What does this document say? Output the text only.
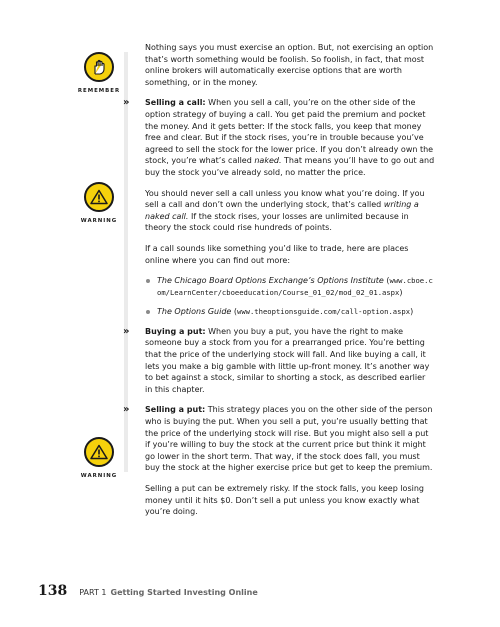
REMEMBER
WARNING
WARNING

Nothing says you must exercise an option. But, not exercising an option that’s worth something would be foolish. So foolish, in fact, that most online brokers will automatically exercise options that are worth something, or in the money.

» Selling a call: When you sell a call, you’re on the other side of the option strategy of buying a call. You get paid the premium and pocket the money. And it gets better: If the stock falls, you keep that money free and clear. But if the stock rises, you’re in trouble because you’ve agreed to sell the stock for the lower price. If you don’t already own the stock, you’re what’s called naked. That means you’ll have to go out and buy the stock you’ve already sold, no matter the price.

You should never sell a call unless you know what you’re doing. If you sell a call and don’t own the underlying stock, that’s called writing a naked call. If the stock rises, your losses are unlimited because in theory the stock could rise hundreds of points.

If a call sounds like something you’d like to trade, here are places online where you can find out more:

The Chicago Board Options Exchange’s Options Institute (www.cboe.com/LearnCenter/cboeeducation/Course_01_02/mod_02_01.aspx)
The Options Guide (www.theoptionsguide.com/call-option.aspx)
» Buying a put: When you buy a put, you have the right to make someone buy a stock from you for a prearranged price. You’re betting that the price of the underlying stock will fall. And like buying a call, it lets you make a big gamble with little up-front money. It’s another way to bet against a stock, similar to shorting a stock, as described earlier in this chapter.
» Selling a put: This strategy places you on the other side of the person who is buying the put. When you sell a put, you’re usually betting that the price of the underlying stock will rise. But you might also sell a put if you’re willing to buy the stock at the current price but think it might go lower in the short term. That way, if the stock does fall, you must buy the stock at the higher exercise price but get to keep the premium.

Selling a put can be extremely risky. If the stock falls, you keep losing money until it hits $0. Don’t sell a put unless you know exactly what you’re doing.

138 PART 1 Getting Started Investing Online
